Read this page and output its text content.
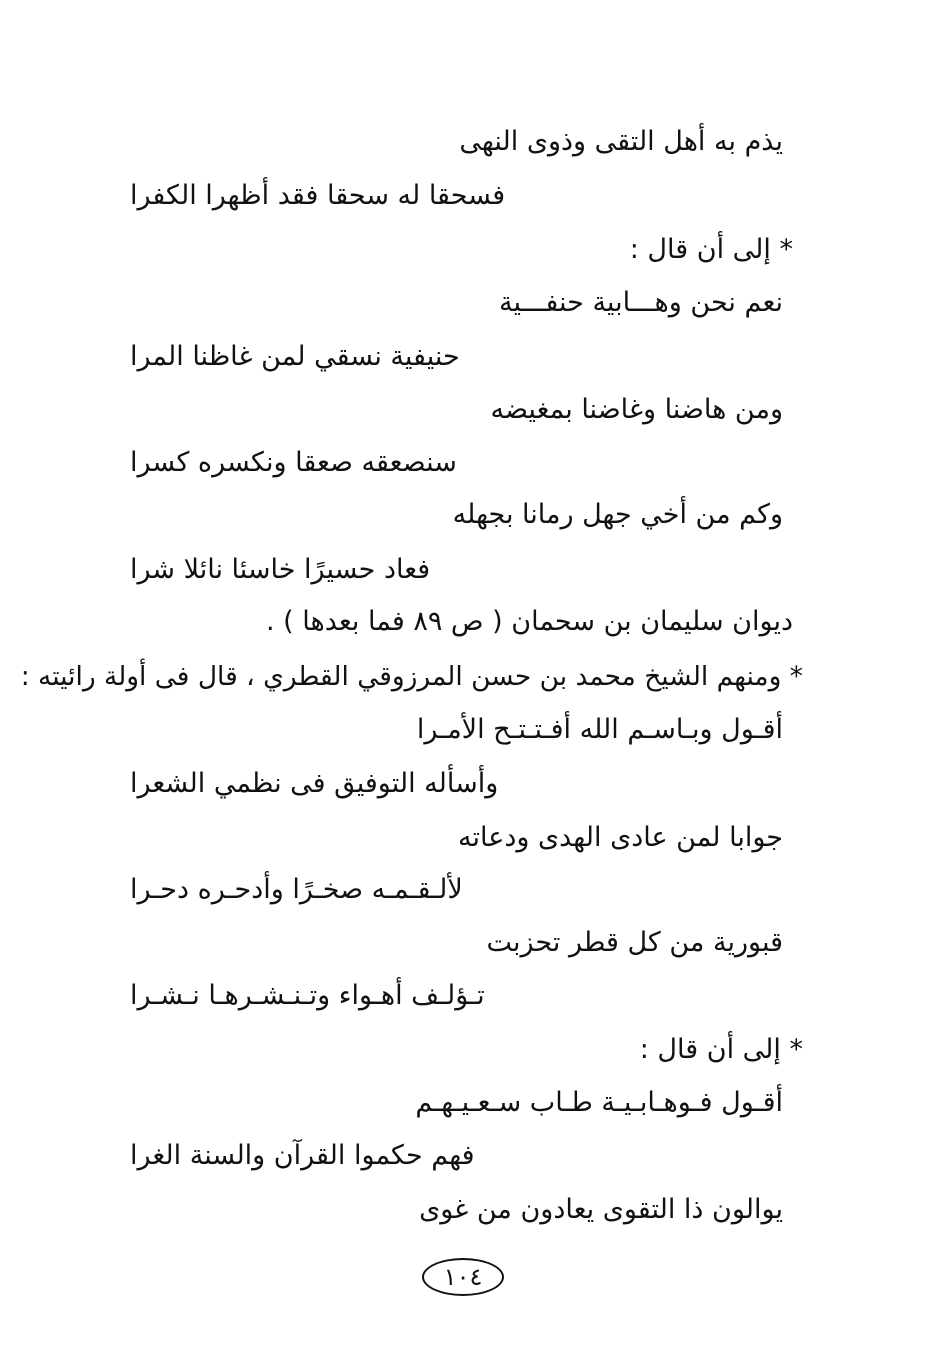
يذم به أهل التقى وذوى النهى
فسحقا له سحقا فقد أظهرا الكفرا
* إلى أن قال :
نعم نحن وهـــابية حنفـــية
حنيفية نسقي لمن غاظنا المرا
ومن هاضنا وغاضنا بمغيضه
سنصعقه صعقا ونكسره كسرا
وكم من أخي جهل رمانا بجهله
فعاد حسيرًا خاسئا نائلا شرا
ديوان سليمان بن سحمان ( ص ٨٩ فما بعدها ) .
* ومنهم الشيخ محمد بن حسن المرزوقي القطري ، قال فى أولة رائيته :
أقـول وبـاسـم الله أفـتـتـح الأمـرا
وأسأله التوفيق فى نظمي الشعرا
جوابا لمن عادى الهدى ودعاته
لألـقـمـه صخـرًا وأدحـره دحـرا
قبورية من كل قطر تحزبت
تـؤلـف أهـواء وتـنـشـرهـا نـشـرا
* إلى أن قال :
أقـول فـوهـابـيـة طـاب سـعـيـهـم
فهم حكموا القرآن والسنة الغرا
يوالون ذا التقوى يعادون من غوى
١٠٤
